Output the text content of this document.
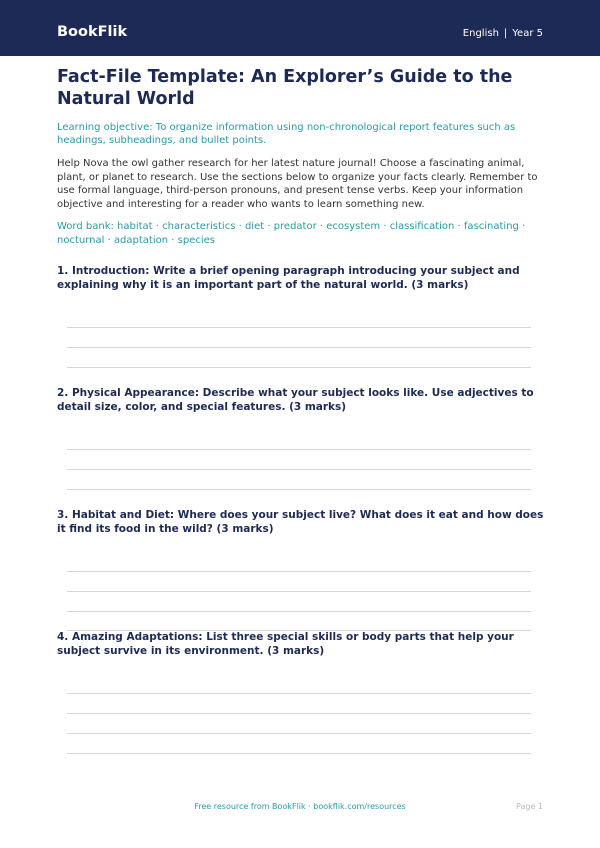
BookFlik	English | Year 5
Fact-File Template: An Explorer’s Guide to the Natural World
Learning objective: To organize information using non-chronological report features such as headings, subheadings, and bullet points.
Help Nova the owl gather research for her latest nature journal! Choose a fascinating animal, plant, or planet to research. Use the sections below to organize your facts clearly. Remember to use formal language, third-person pronouns, and present tense verbs. Keep your information objective and interesting for a reader who wants to learn something new.
Word bank: habitat · characteristics · diet · predator · ecosystem · classification · fascinating · nocturnal · adaptation · species
1. Introduction: Write a brief opening paragraph introducing your subject and explaining why it is an important part of the natural world. (3 marks)
2. Physical Appearance: Describe what your subject looks like. Use adjectives to detail size, color, and special features. (3 marks)
3. Habitat and Diet: Where does your subject live? What does it eat and how does it find its food in the wild? (3 marks)
4. Amazing Adaptations: List three special skills or body parts that help your subject survive in its environment. (3 marks)
Free resource from BookFlik · bookflik.com/resources	Page 1
